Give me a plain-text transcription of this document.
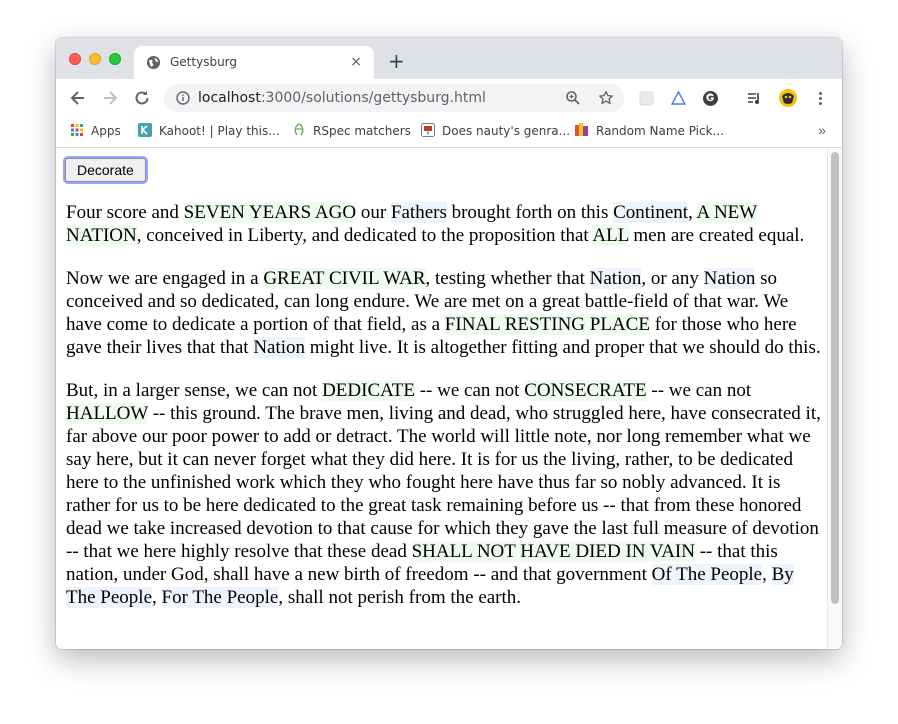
Gettysburg	× +
localhost:3000/solutions/gettysburg.html
Apps	Kahoot! | Play this...	RSpec matchers	Does nauty's genra...	Random Name Pick...	»
Decorate

Four score and SEVEN YEARS AGO our Fathers brought forth on this Continent, A NEW NATION, conceived in Liberty, and dedicated to the proposition that ALL men are created equal.

Now we are engaged in a GREAT CIVIL WAR, testing whether that Nation, or any Nation so conceived and so dedicated, can long endure. We are met on a great battle-field of that war. We have come to dedicate a portion of that field, as a FINAL RESTING PLACE for those who here gave their lives that that Nation might live. It is altogether fitting and proper that we should do this.

But, in a larger sense, we can not DEDICATE -- we can not CONSECRATE -- we can not HALLOW -- this ground. The brave men, living and dead, who struggled here, have consecrated it, far above our poor power to add or detract. The world will little note, nor long remember what we say here, but it can never forget what they did here. It is for us the living, rather, to be dedicated here to the unfinished work which they who fought here have thus far so nobly advanced. It is rather for us to be here dedicated to the great task remaining before us -- that from these honored dead we take increased devotion to that cause for which they gave the last full measure of devotion -- that we here highly resolve that these dead SHALL NOT HAVE DIED IN VAIN -- that this nation, under God, shall have a new birth of freedom -- and that government Of The People, By The People, For The People, shall not perish from the earth.
